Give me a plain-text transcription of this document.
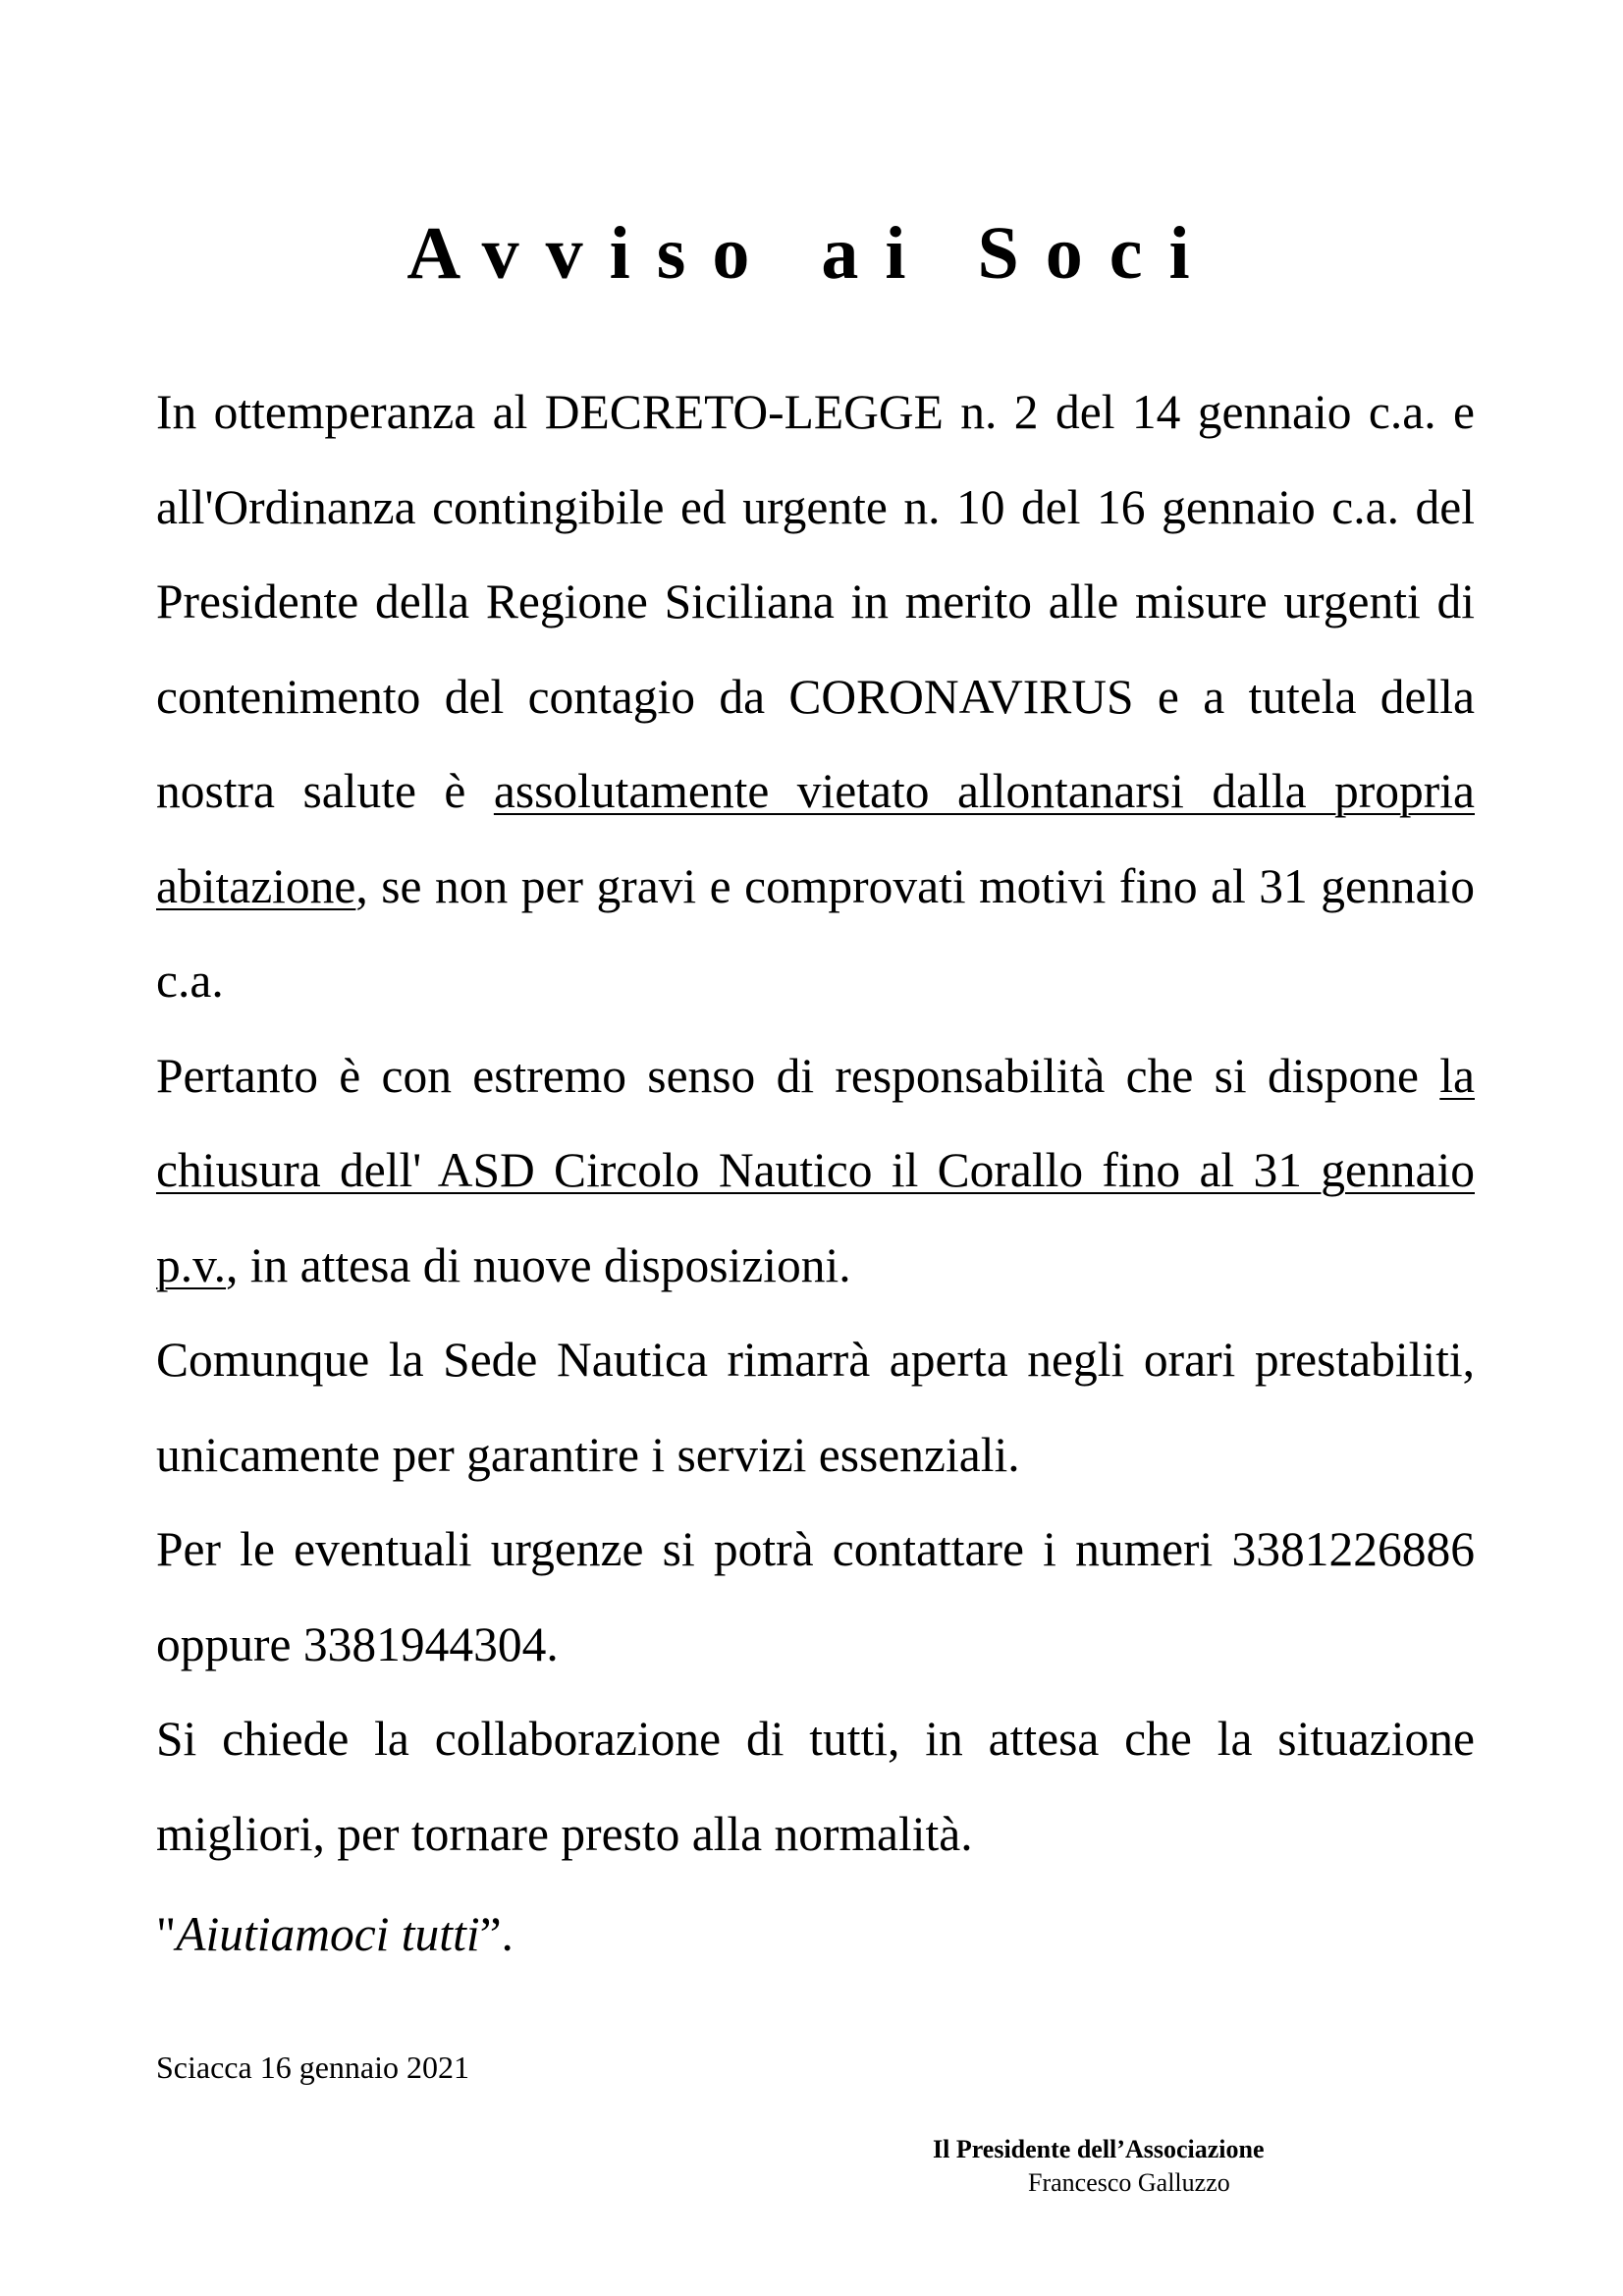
Avviso ai Soci

In ottemperanza al DECRETO-LEGGE n. 2 del 14 gennaio c.a. e all'Ordinanza contingibile ed urgente n. 10 del 16 gennaio c.a. del Presidente della Regione Siciliana in merito alle misure urgenti di contenimento del contagio da CORONAVIRUS e a tutela della nostra salute è assolutamente vietato allontanarsi dalla propria abitazione, se non per gravi e comprovati motivi fino al 31 gennaio c.a.

Pertanto è con estremo senso di responsabilità che si dispone la chiusura dell' ASD Circolo Nautico il Corallo fino al 31 gennaio p.v., in attesa di nuove disposizioni.

Comunque la Sede Nautica rimarrà aperta negli orari prestabiliti, unicamente per garantire i servizi essenziali.

Per le eventuali urgenze si potrà contattare i numeri 3381226886 oppure 3381944304.

Si chiede la collaborazione di tutti, in attesa che la situazione migliori, per tornare presto alla normalità.

"Aiutiamoci tutti”.
Sciacca 16 gennaio 2021
Il Presidente dell’Associazione
Francesco Galluzzo
